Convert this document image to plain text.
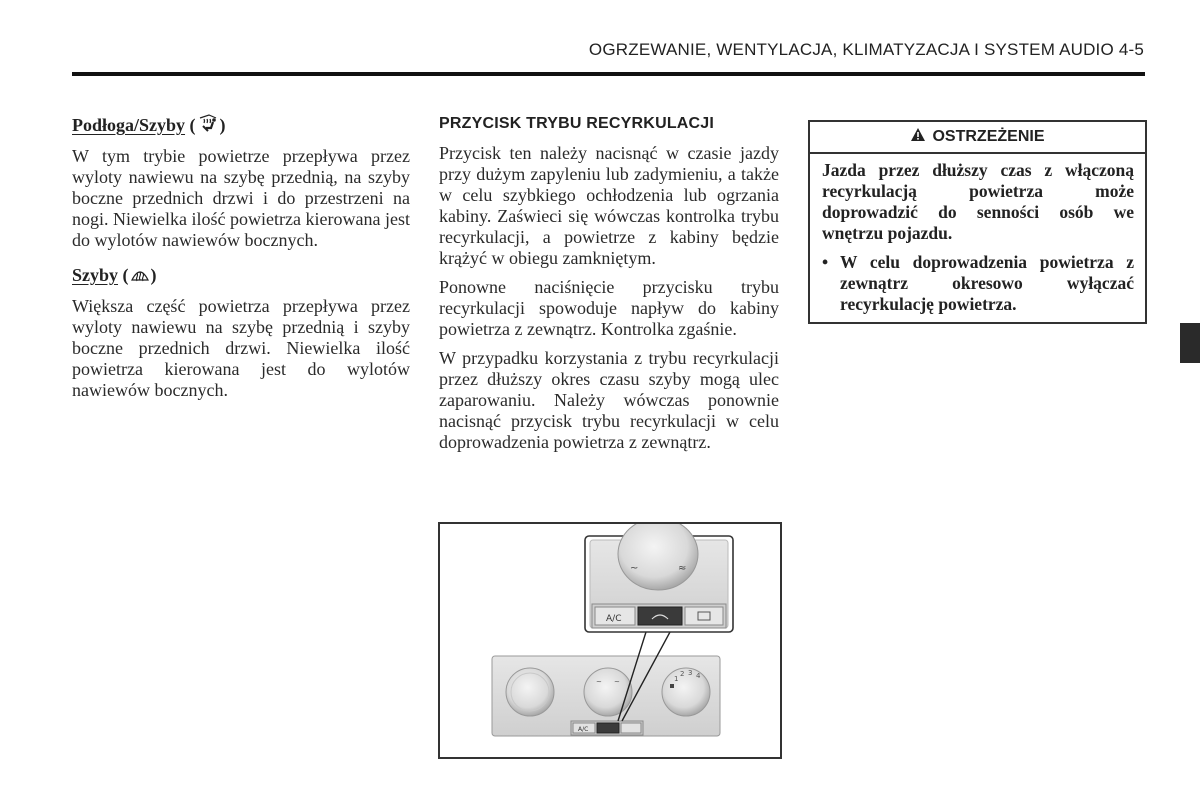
OGRZEWANIE, WENTYLACJA, KLIMATYZACJA I SYSTEM AUDIO 4-5
Podłoga/Szyby ( )

W tym trybie powietrze przepływa przez wyloty nawiewu na szybę przednią, na szyby boczne przednich drzwi i do przestrzeni na nogi. Niewielka ilość powietrza kierowana jest do wylotów nawiewów bocznych.

Szyby ( )

Większa część powietrza przepływa przez wyloty nawiewu na szybę przednią i szyby boczne przednich drzwi. Niewielka ilość powietrza kierowana jest do wylotów nawiewów bocznych.

PRZYCISK TRYBU RECYRKULACJI

Przycisk ten należy nacisnąć w czasie jazdy przy dużym zapyleniu lub zadymieniu, a także w celu szybkiego ochłodzenia lub ogrzania kabiny. Zaświeci się wówczas kontrolka trybu recyrkulacji, a powietrze z kabiny będzie krążyć w obiegu zamkniętym.

Ponowne naciśnięcie przycisku trybu recyrkulacji spowoduje napływ do kabiny powietrza z zewnątrz. Kontrolka zgaśnie.

W przypadku korzystania z trybu recyrkulacji przez dłuższy okres czasu szyby mogą ulec zaparowaniu. Należy wówczas ponownie nacisnąć przycisk trybu recyrkulacji w celu doprowadzenia powietrza z zewnątrz.

OSTRZEŻENIE

Jazda przez dłuższy czas z włączoną recyrkulacją powietrza może doprowadzić do senności osób we wnętrzu pojazdu.

• W celu doprowadzenia powietrza z zewnątrz okresowo wyłączać recyrkulację powietrza.
~ ~	1
2 3 4
A/C
~	≈
A/C
